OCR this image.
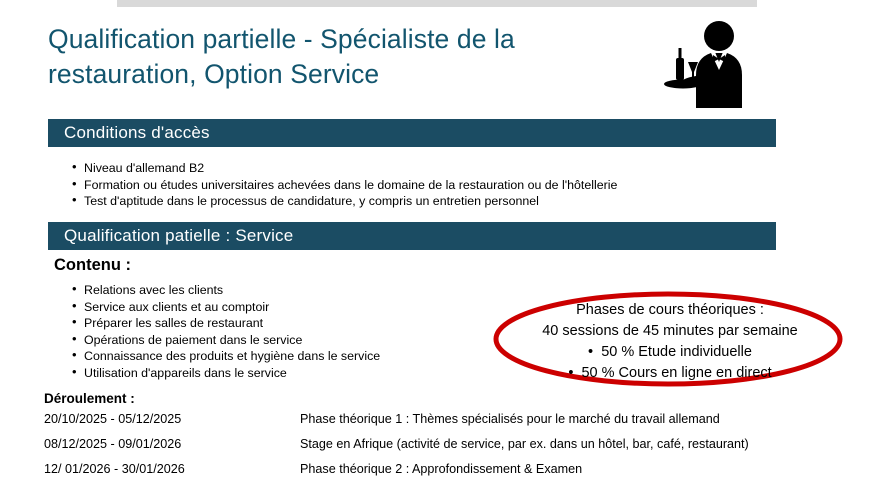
Qualification partielle - Spécialiste de la restauration, Option Service
Conditions d'accès
• Niveau d'allemand B2
• Formation ou études universitaires achevées dans le domaine de la restauration ou de l'hôtellerie
• Test d'aptitude dans le processus de candidature, y compris un entretien personnel
Qualification patielle : Service
Contenu :
• Relations avec les clients
• Service aux clients et au comptoir
• Préparer les salles de restaurant
• Opérations de paiement dans le service
• Connaissance des produits et hygiène dans le service
• Utilisation d'appareils dans le service
Phases de cours théoriques :
40 sessions de 45 minutes par semaine
•  50 % Etude individuelle
•  50 % Cours en ligne en direct
Déroulement :
20/10/2025 - 05/12/2025	Phase théorique 1 : Thèmes spécialisés pour le marché du travail allemand
08/12/2025 - 09/01/2026	Stage en Afrique (activité de service, par ex. dans un hôtel, bar, café, restaurant)
12/ 01/2026 - 30/01/2026	Phase théorique 2 : Approfondissement & Examen
